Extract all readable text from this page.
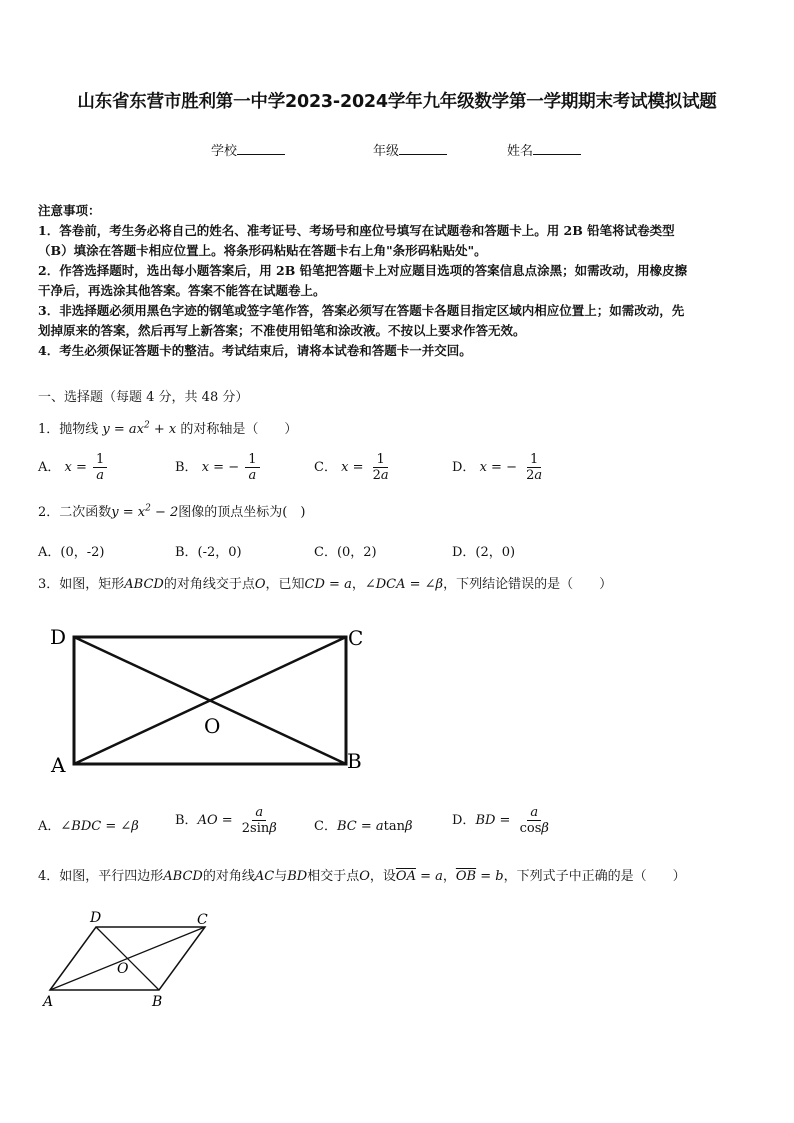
山东省东营市胜利第一中学2023-2024学年九年级数学第一学期期末考试模拟试题
学校	年级	姓名
注意事项：
1．答卷前，考生务必将自己的姓名、准考证号、考场号和座位号填写在试题卷和答题卡上。用 2B 铅笔将试卷类型
（B）填涂在答题卡相应位置上。将条形码粘贴在答题卡右上角"条形码粘贴处"。
2．作答选择题时，选出每小题答案后，用 2B 铅笔把答题卡上对应题目选项的答案信息点涂黑；如需改动，用橡皮擦
干净后，再选涂其他答案。答案不能答在试题卷上。
3．非选择题必须用黑色字迹的钢笔或签字笔作答，答案必须写在答题卡各题目指定区域内相应位置上；如需改动，先
划掉原来的答案，然后再写上新答案；不准使用铅笔和涂改液。不按以上要求作答无效。
4．考生必须保证答题卡的整洁。考试结束后，请将本试卷和答题卡一并交回。
一、选择题（每题 4 分，共 48 分）
1．抛物线 $y = ax^2 + x$ 的对称轴是（　　）
A． $x = \frac{1}{a}$	B． x = − $\frac{1}{a}$	C． $x = \frac{1}{2a}$	D． x = − $\frac{1}{2a}$
2．二次函数$y = x^2 - 2$图像的顶点坐标为(　)
A．(0，-2)	B．(-2，0)	C．(0，2)	D．(2，0)
3．如图，矩形ABCD的对角线交于点O，已知CD = a，∠DCA = ∠β，下列结论错误的是（　　）
D	C
A	B
O
A．∠BDC = ∠β	B．AO = $\frac{a}{2\sin\beta}$	C．BC = atanβ	D．BD = $\frac{a}{\cos\beta}$
4．如图，平行四边形ABCD的对角线AC与BD相交于点O，设$\overline{OA} = a$，$\overline{OB} = b$，下列式子中正确的是（　　）
D	C
A	B
O
